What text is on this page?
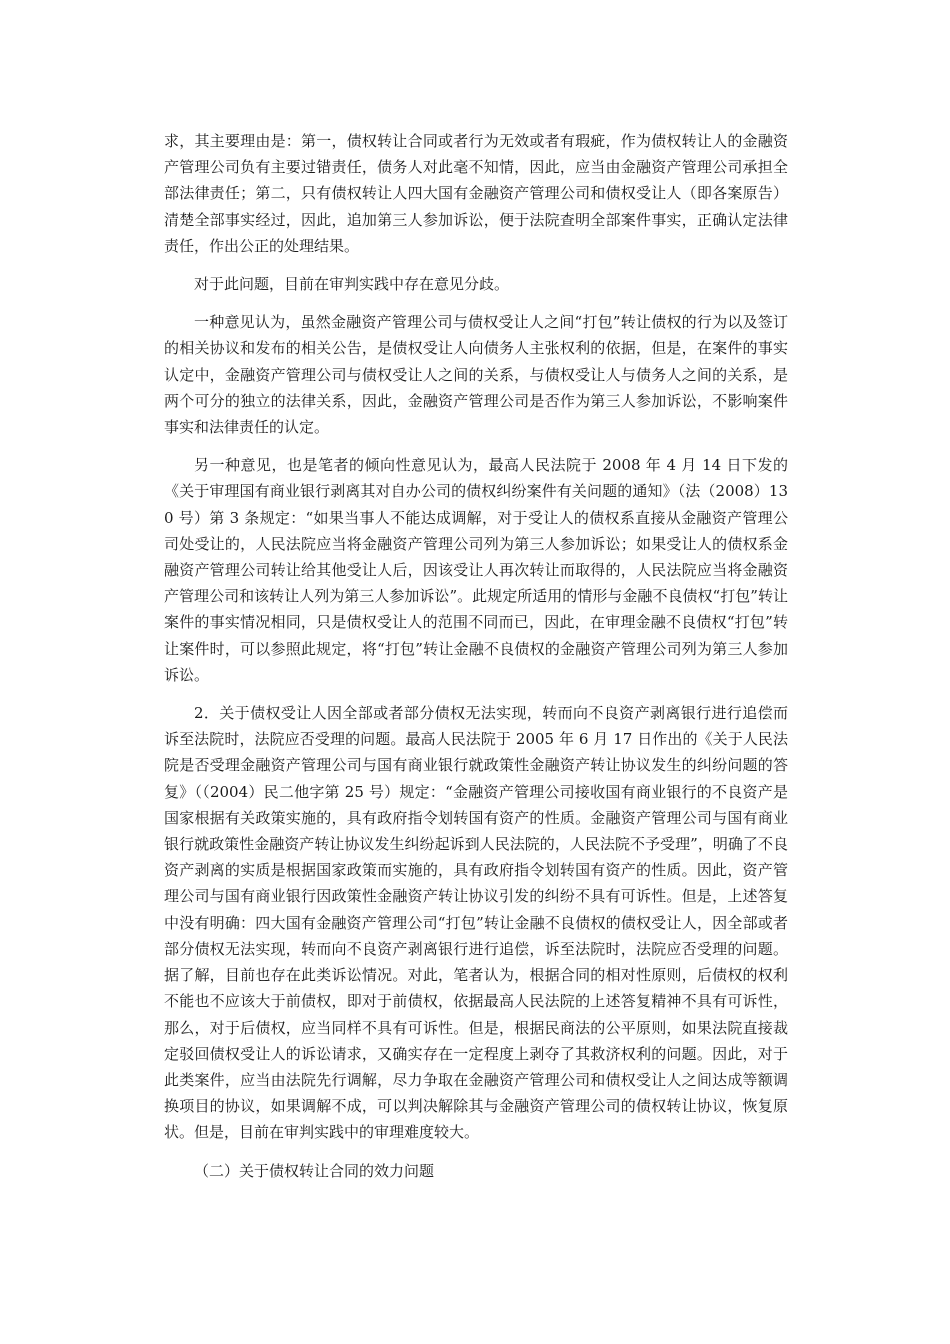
求，其主要理由是：第一，债权转让合同或者行为无效或者有瑕疵，作为债权转让人的金融资产管理公司负有主要过错责任，债务人对此毫不知情，因此，应当由金融资产管理公司承担全部法律责任；第二，只有债权转让人四大国有金融资产管理公司和债权受让人（即各案原告）清楚全部事实经过，因此，追加第三人参加诉讼，便于法院查明全部案件事实，正确认定法律责任，作出公正的处理结果。

对于此问题，目前在审判实践中存在意见分歧。

一种意见认为，虽然金融资产管理公司与债权受让人之间“打包”转让债权的行为以及签订的相关协议和发布的相关公告，是债权受让人向债务人主张权利的依据，但是，在案件的事实认定中，金融资产管理公司与债权受让人之间的关系，与债权受让人与债务人之间的关系，是两个可分的独立的法律关系，因此，金融资产管理公司是否作为第三人参加诉讼，不影响案件事实和法律责任的认定。

另一种意见，也是笔者的倾向性意见认为，最高人民法院于 2008 年 4 月 14 日下发的《关于审理国有商业银行剥离其对自办公司的债权纠纷案件有关问题的通知》（法（2008）130 号）第 3 条规定：“如果当事人不能达成调解，对于受让人的债权系直接从金融资产管理公司处受让的，人民法院应当将金融资产管理公司列为第三人参加诉讼；如果受让人的债权系金融资产管理公司转让给其他受让人后，因该受让人再次转让而取得的，人民法院应当将金融资产管理公司和该转让人列为第三人参加诉讼”。此规定所适用的情形与金融不良债权“打包”转让案件的事实情况相同，只是债权受让人的范围不同而已，因此，在审理金融不良债权“打包”转让案件时，可以参照此规定，将“打包”转让金融不良债权的金融资产管理公司列为第三人参加诉讼。

2．关于债权受让人因全部或者部分债权无法实现，转而向不良资产剥离银行进行追偿而诉至法院时，法院应否受理的问题。最高人民法院于 2005 年 6 月 17 日作出的《关于人民法院是否受理金融资产管理公司与国有商业银行就政策性金融资产转让协议发生的纠纷问题的答复》（（2004）民二他字第 25 号）规定：“金融资产管理公司接收国有商业银行的不良资产是国家根据有关政策实施的，具有政府指令划转国有资产的性质。金融资产管理公司与国有商业银行就政策性金融资产转让协议发生纠纷起诉到人民法院的，人民法院不予受理”，明确了不良资产剥离的实质是根据国家政策而实施的，具有政府指令划转国有资产的性质。因此，资产管理公司与国有商业银行因政策性金融资产转让协议引发的纠纷不具有可诉性。但是，上述答复中没有明确：四大国有金融资产管理公司“打包”转让金融不良债权的债权受让人，因全部或者部分债权无法实现，转而向不良资产剥离银行进行追偿，诉至法院时，法院应否受理的问题。据了解，目前也存在此类诉讼情况。对此，笔者认为，根据合同的相对性原则，后债权的权利不能也不应该大于前债权，即对于前债权，依据最高人民法院的上述答复精神不具有可诉性，那么，对于后债权，应当同样不具有可诉性。但是，根据民商法的公平原则，如果法院直接裁定驳回债权受让人的诉讼请求，又确实存在一定程度上剥夺了其救济权利的问题。因此，对于此类案件，应当由法院先行调解，尽力争取在金融资产管理公司和债权受让人之间达成等额调换项目的协议，如果调解不成，可以判决解除其与金融资产管理公司的债权转让协议，恢复原状。但是，目前在审判实践中的审理难度较大。

（二）关于债权转让合同的效力问题
